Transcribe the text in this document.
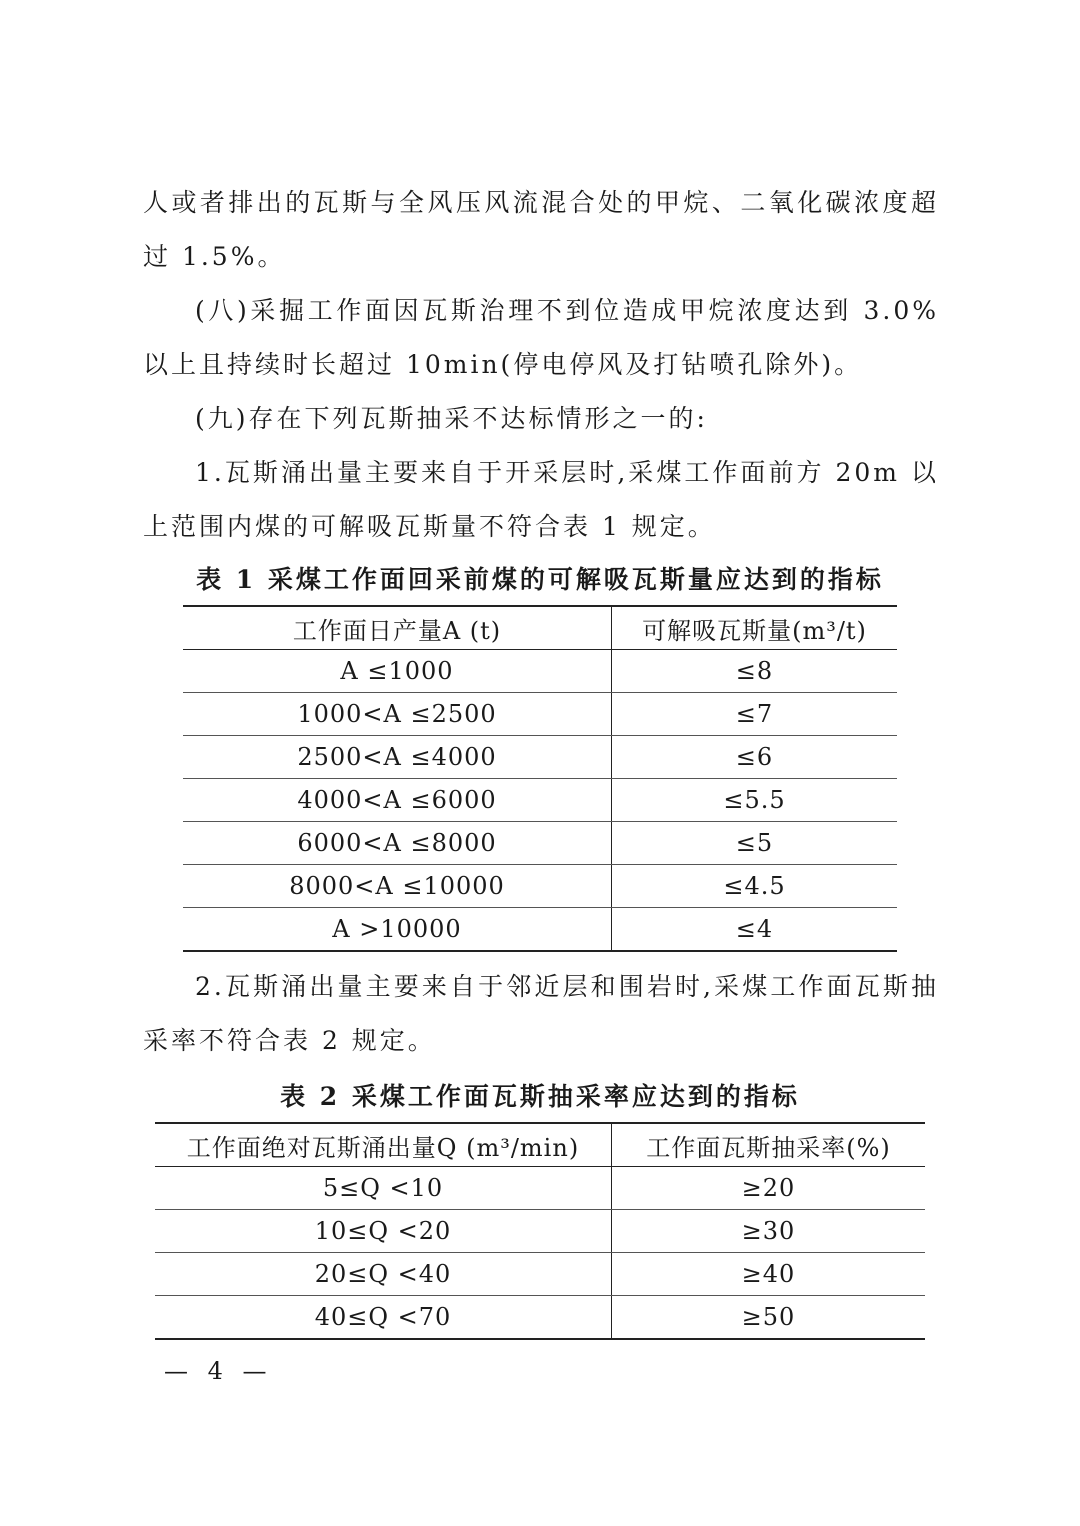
人或者排出的瓦斯与全风压风流混合处的甲烷、二氧化碳浓度超过 1.5%。

(八)采掘工作面因瓦斯治理不到位造成甲烷浓度达到 3.0%以上且持续时长超过 10min(停电停风及打钻喷孔除外)。

(九)存在下列瓦斯抽采不达标情形之一的:

1.瓦斯涌出量主要来自于开采层时,采煤工作面前方 20m 以上范围内煤的可解吸瓦斯量不符合表 1 规定。

表 1 采煤工作面回采前煤的可解吸瓦斯量应达到的指标

工作面日产量A (t)	可解吸瓦斯量(m³/t)
A ≤1000	≤8
1000<A ≤2500	≤7
2500<A ≤4000	≤6
4000<A ≤6000	≤5.5
6000<A ≤8000	≤5
8000<A ≤10000	≤4.5
A >10000	≤4

2.瓦斯涌出量主要来自于邻近层和围岩时,采煤工作面瓦斯抽采率不符合表 2 规定。

表 2 采煤工作面瓦斯抽采率应达到的指标

工作面绝对瓦斯涌出量Q (m³/min)	工作面瓦斯抽采率(%)
5≤Q <10	≥20
10≤Q <20	≥30
20≤Q <40	≥40
40≤Q <70	≥50

— 4 —
